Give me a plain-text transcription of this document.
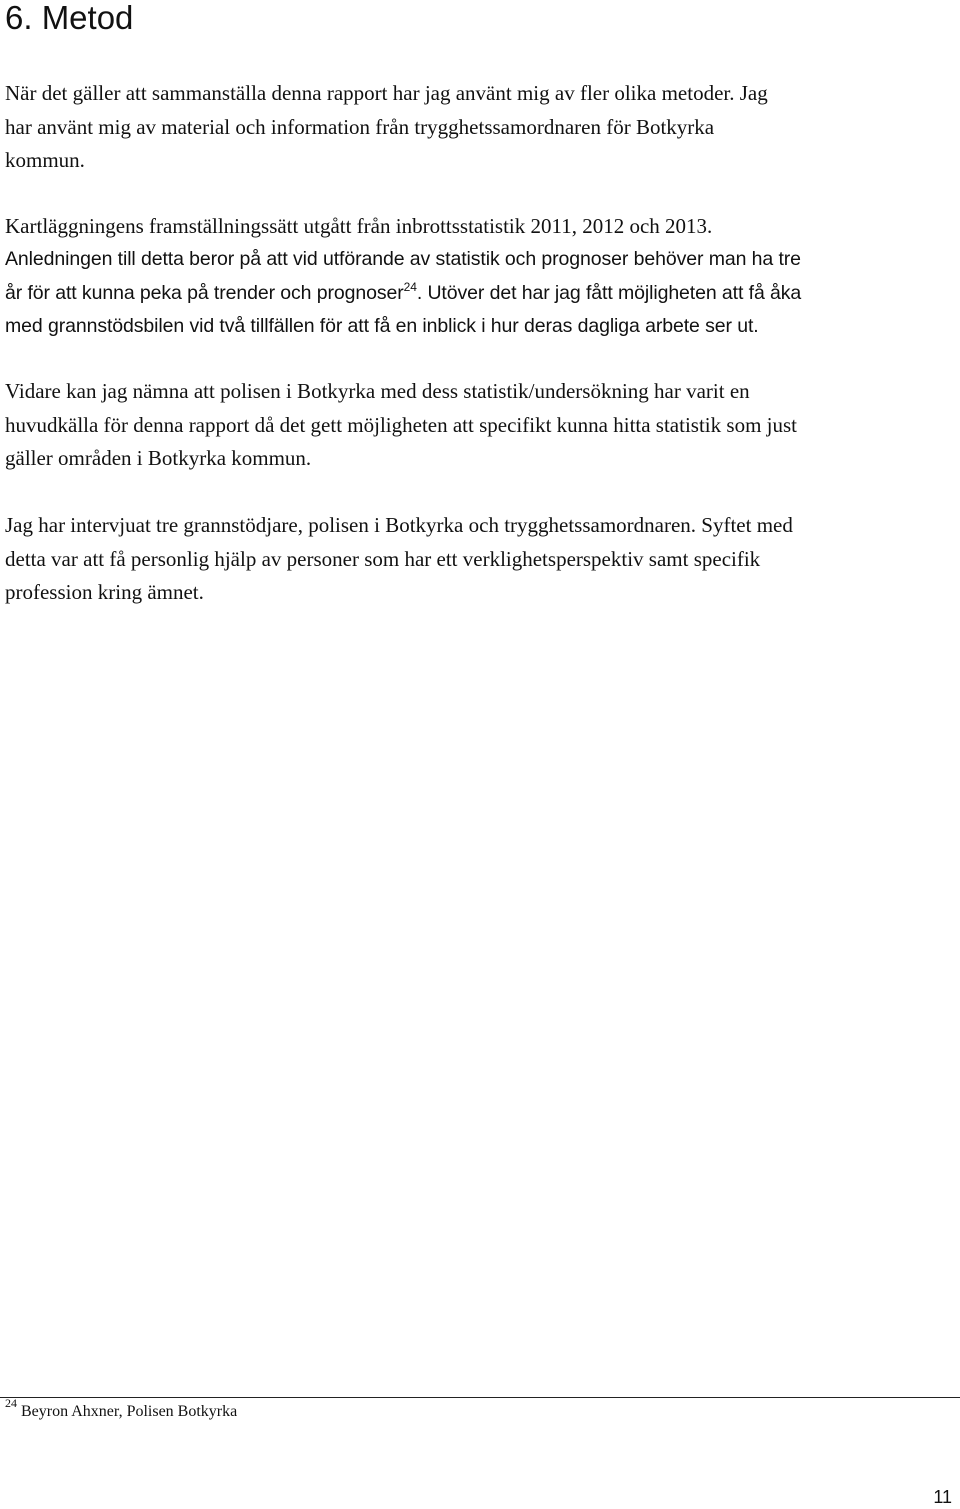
6. Metod

När det gäller att sammanställa denna rapport har jag använt mig av fler olika metoder. Jag
har använt mig av material och information från trygghetssamordnaren för Botkyrka
kommun.

Kartläggningens framställningssätt utgått från inbrottsstatistik 2011, 2012 och 2013.

Anledningen till detta beror på att vid utförande av statistik och prognoser behöver man ha tre
år för att kunna peka på trender och prognoser$^{24}$. Utöver det har jag fått möjligheten att få åka
med grannstödsbilen vid två tillfällen för att få en inblick i hur deras dagliga arbete ser ut.

Vidare kan jag nämna att polisen i Botkyrka med dess statistik/undersökning har varit en
huvudkälla för denna rapport då det gett möjligheten att specifikt kunna hitta statistik som just
gäller områden i Botkyrka kommun.

Jag har intervjuat tre grannstödjare, polisen i Botkyrka och trygghetssamordnaren. Syftet med
detta var att få personlig hjälp av personer som har ett verklighetsperspektiv samt specifik
profession kring ämnet.

$^{24}$ Beyron Ahxner, Polisen Botkyrka
11
